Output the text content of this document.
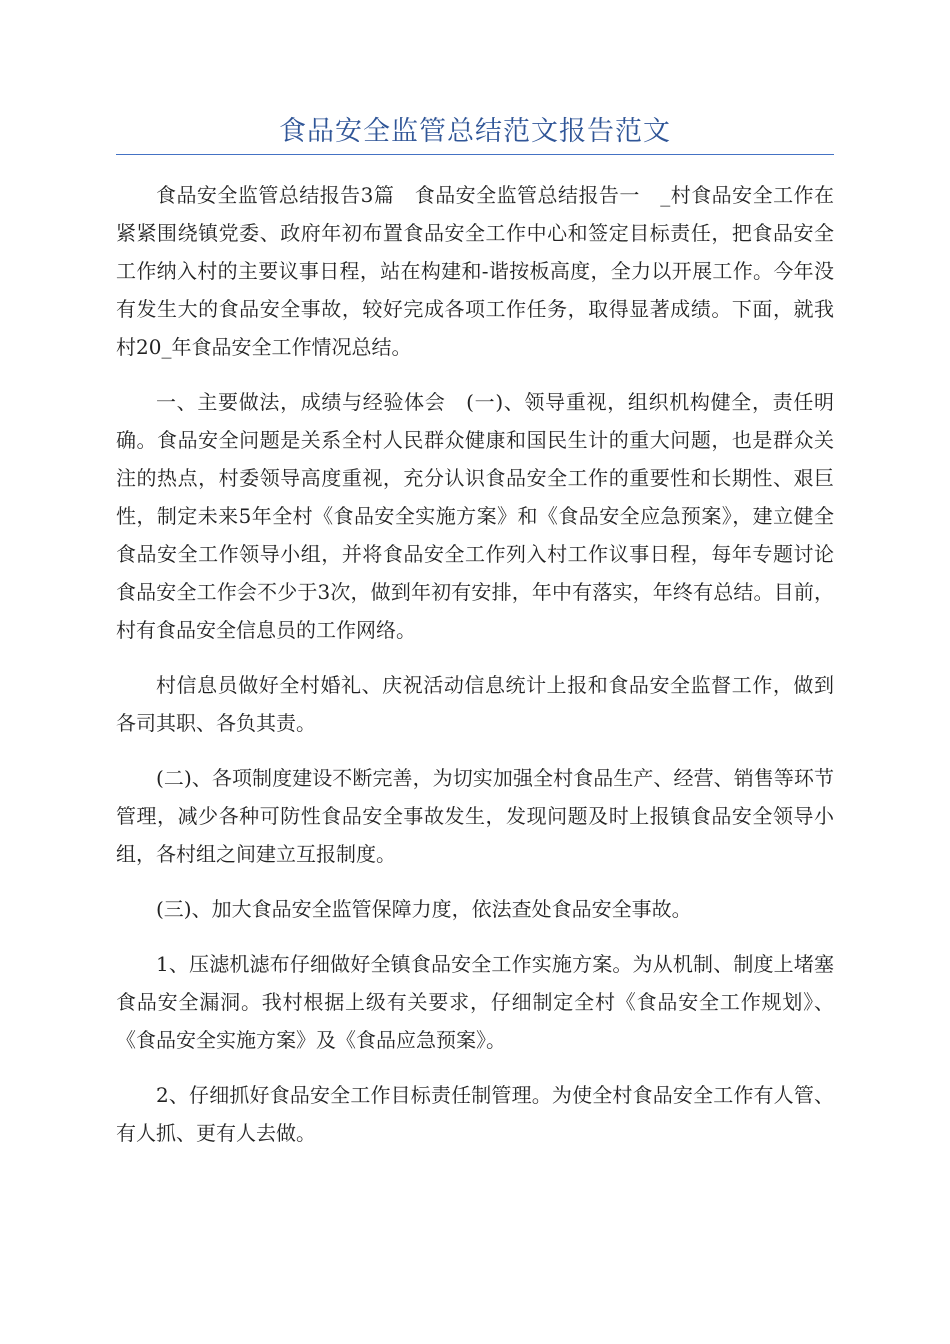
食品安全监管总结范文报告范文

食品安全监管总结报告3篇　食品安全监管总结报告一　_村食品安全工作在紧紧围绕镇党委、政府年初布置食品安全工作中心和签定目标责任，把食品安全工作纳入村的主要议事日程，站在构建和-谐按板高度，全力以开展工作。今年没有发生大的食品安全事故，较好完成各项工作任务，取得显著成绩。下面，就我村20_年食品安全工作情况总结。

一、主要做法，成绩与经验体会　(一)、领导重视，组织机构健全，责任明确。食品安全问题是关系全村人民群众健康和国民生计的重大问题，也是群众关注的热点，村委领导高度重视，充分认识食品安全工作的重要性和长期性、艰巨性，制定未来5年全村《食品安全实施方案》和《食品安全应急预案》，建立健全食品安全工作领导小组，并将食品安全工作列入村工作议事日程，每年专题讨论食品安全工作会不少于3次，做到年初有安排，年中有落实，年终有总结。目前，村有食品安全信息员的工作网络。

村信息员做好全村婚礼、庆祝活动信息统计上报和食品安全监督工作，做到各司其职、各负其责。

(二)、各项制度建设不断完善，为切实加强全村食品生产、经营、销售等环节管理，减少各种可防性食品安全事故发生，发现问题及时上报镇食品安全领导小组，各村组之间建立互报制度。

(三)、加大食品安全监管保障力度，依法查处食品安全事故。

1、压滤机滤布仔细做好全镇食品安全工作实施方案。为从机制、制度上堵塞食品安全漏洞。我村根据上级有关要求，仔细制定全村《食品安全工作规划》、《食品安全实施方案》及《食品应急预案》。

2、仔细抓好食品安全工作目标责任制管理。为使全村食品安全工作有人管、有人抓、更有人去做。
